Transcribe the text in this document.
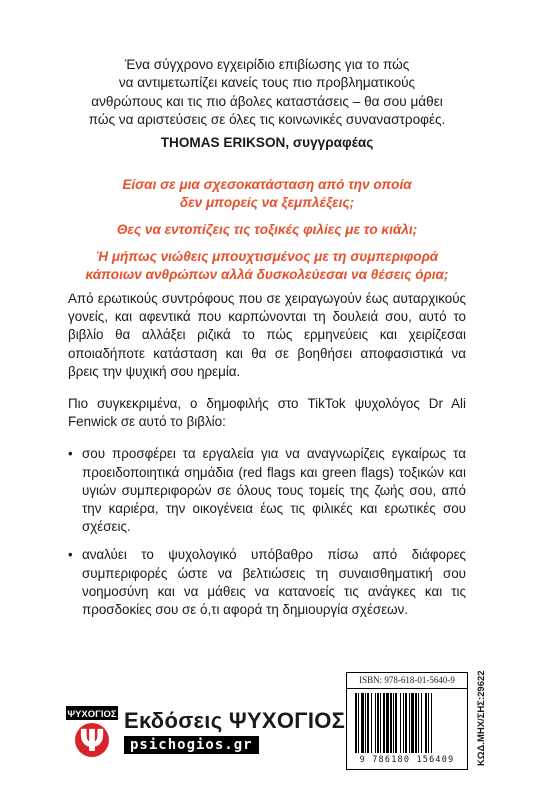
Ένα σύγχρονο εγχειρίδιο επιβίωσης για το πώς
να αντιμετωπίζει κανείς τους πιο προβληματικούς
ανθρώπους και τις πιο άβολες καταστάσεις – θα σου μάθει
πώς να αριστεύσεις σε όλες τις κοινωνικές συναναστροφές.
THOMAS ERIKSON, συγγραφέας

Είσαι σε μια σχεσοκατάσταση από την οποία
δεν μπορείς να ξεμπλέξεις;

Θες να εντοπίζεις τις τοξικές φιλίες με το κιάλι;

Ή μήπως νιώθεις μπουχτισμένος με τη συμπεριφορά
κάποιων ανθρώπων αλλά δυσκολεύεσαι να θέσεις όρια;

Από ερωτικούς συντρόφους που σε χειραγωγούν έως αυταρχικούς γονείς, και αφεντικά που καρπώνονται τη δουλειά σου, αυτό το βιβλίο θα αλλάξει ριζικά το πώς ερμηνεύεις και χειρίζεσαι οποιαδήποτε κατάσταση και θα σε βοηθήσει αποφασιστικά να βρεις την ψυχική σου ηρεμία.

Πιο συγκεκριμένα, ο δημοφιλής στο TikTok ψυχολόγος Dr Ali Fenwick σε αυτό το βιβλίο:

• σου προσφέρει τα εργαλεία για να αναγνωρίζεις εγκαίρως τα προειδοποιητικά σημάδια (red flags και green flags) τοξικών και υγιών συμπεριφορών σε όλους τους τομείς της ζωής σου, από την καριέρα, την οικογένεια έως τις φιλικές και ερωτικές σου σχέσεις.
• αναλύει το ψυχολογικό υπόβαθρο πίσω από διάφορες συμπεριφορές ώστε να βελτιώσεις τη συναισθηματική σου νοημοσύνη και να μάθεις να κατανοείς τις ανάγκες και τις προσδοκίες σου σε ό,τι αφορά τη δημιουργία σχέσεων.
ΨΥΧΟΓΙΟΣ
Ψ
Εκδόσεις ΨΥΧΟΓΙΟΣ
psichogios.gr
ISBN: 978-618-01-5640-9
9 786180 156409	ΚΩΔ.ΜΗΧ/ΣΗΣ:29622
